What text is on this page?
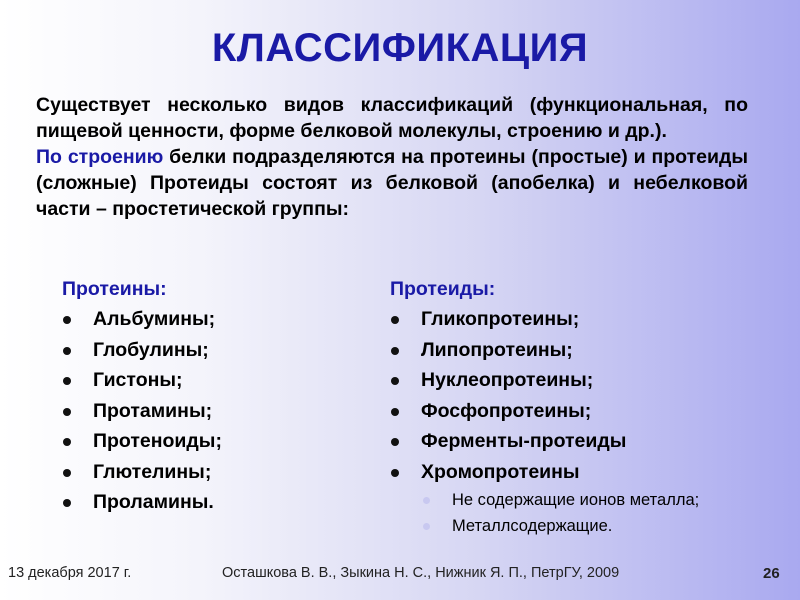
КЛАССИФИКАЦИЯ

Существует несколько видов классификаций (функциональная, по пищевой ценности, форме белковой молекулы, строению и др.).

По строению белки подразделяются на протеины (простые) и протеиды (сложные) Протеиды состоят из белковой (апобелка) и небелковой части – простетической группы:

Протеины:
Альбумины;
Глобулины;
Гистоны;
Протамины;
Протеноиды;
Глютелины;
Проламины.
Протеиды:
Гликопротеины;
Липопротеины;
Нуклеопротеины;
Фосфопротеины;
Ферменты-протеиды
Хромопротеины
Не содержащие ионов металла;
Металлсодержащие.
13 декабря 2017 г.	Осташкова В. В., Зыкина Н. С., Нижник Я. П., ПетрГУ, 2009	26
